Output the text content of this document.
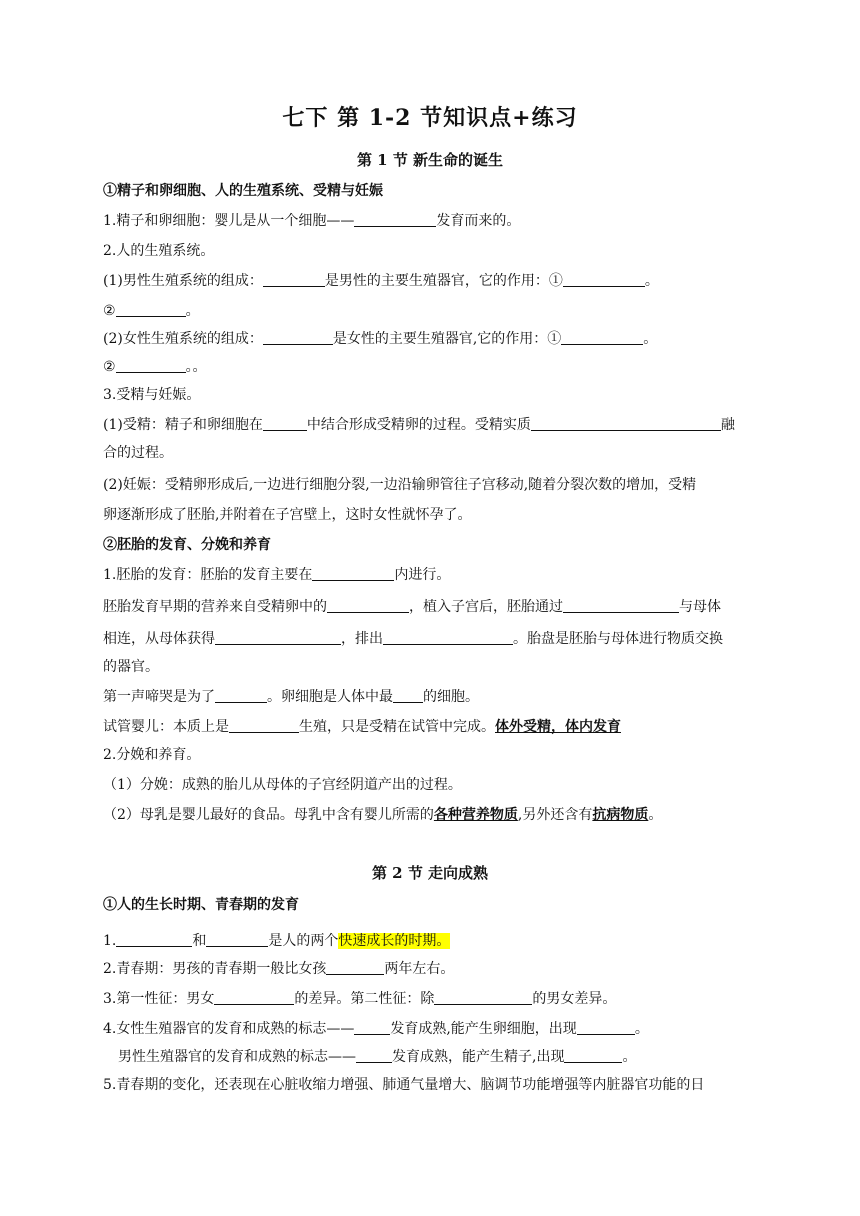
七下 第 1-2 节知识点+练习
第 1 节 新生命的诞生
①精子和卵细胞、人的生殖系统、受精与妊娠
1.精子和卵细胞：婴儿是从一个细胞——	发育而来的。
2.人的生殖系统。
(1)男性生殖系统的组成：	是男性的主要生殖器官，它的作用：①	。
②	。
(2)女性生殖系统的组成：	是女性的主要生殖器官,它的作用：①	。
②	。。
3.受精与妊娠。
(1)受精：精子和卵细胞在	中结合形成受精卵的过程。受精实质	融
合的过程。
(2)妊娠：受精卵形成后,一边进行细胞分裂,一边沿输卵管往子宫移动,随着分裂次数的增加，受精
卵逐渐形成了胚胎,并附着在子宫壁上，这时女性就怀孕了。
②胚胎的发育、分娩和养育
1.胚胎的发育：胚胎的发育主要在	内进行。
胚胎发育早期的营养来自受精卵中的	，植入子宫后，胚胎通过	与母体
相连，从母体获得	，排出	。胎盘是胚胎与母体进行物质交换
的器官。
第一声啼哭是为了	。卵细胞是人体中最 的细胞。
试管婴儿：本质上是	生殖，只是受精在试管中完成。体外受精，体内发育
2.分娩和养育。
（1）分娩：成熟的胎儿从母体的子宫经阴道产出的过程。
（2）母乳是婴儿最好的食品。母乳中含有婴儿所需的各种营养物质,另外还含有抗病物质。
第 2 节 走向成熟
①人的生长时期、青春期的发育
1.	和	是人的两个快速成长的时期。
2.青春期：男孩的青春期一般比女孩	两年左右。
3.第一性征：男女	的差异。第二性征：除	的男女差异。
4.女性生殖器官的发育和成熟的标志——	发育成熟,能产生卵细胞，出现	。
男性生殖器官的发育和成熟的标志——	发育成熟，能产生精子,出现	。
5.青春期的变化，还表现在心脏收缩力增强、肺通气量增大、脑调节功能增强等内脏器官功能的日
